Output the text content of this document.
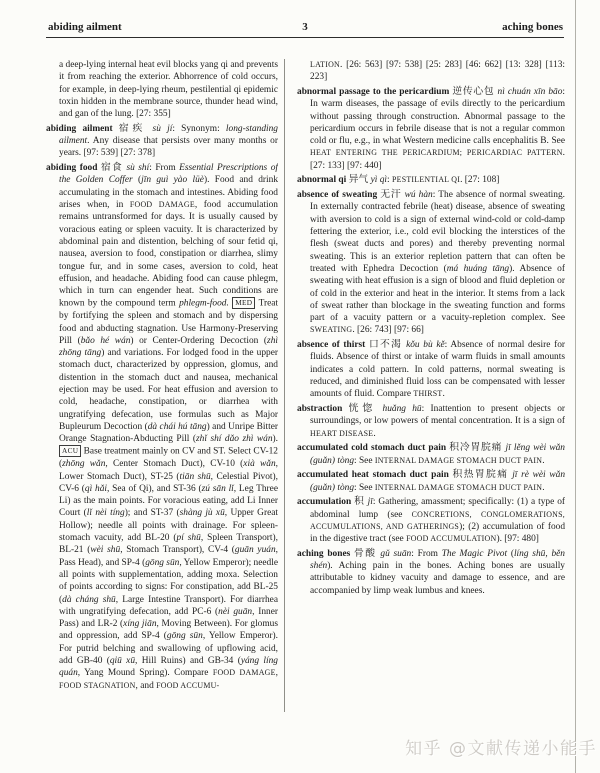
abiding ailment	3	aching bones

a deep-lying internal heat evil blocks yang qi and prevents it from reaching the exterior. Abhorrence of cold occurs, for example, in deep-lying rheum, pestilential qi epidemic toxin hidden in the membrane source, thunder head wind, and gan of the lung. [27: 355]

abiding ailment 宿疾 sù jí: Synonym: long-standing ailment. Any disease that persists over many months or years. [97: 539] [27: 378]

abiding food 宿食 sù shí: From Essential Prescriptions of the Golden Coffer (jīn guì yào lüè). Food and drink accumulating in the stomach and intestines. Abiding food arises when, in FOOD DAMAGE, food accumulation remains untransformed for days. It is usually caused by voracious eating or spleen vacuity. It is characterized by abdominal pain and distention, belching of sour fetid qi, nausea, aversion to food, constipation or diarrhea, slimy tongue fur, and in some cases, aversion to cold, heat effusion, and headache. Abiding food can cause phlegm, which in turn can engender heat. Such conditions are known by the compound term phlegm-food. MED Treat by fortifying the spleen and stomach and by dispersing food and abducting stagnation. Use Harmony-Preserving Pill (bǎo hé wán) or Center-Ordering Decoction (zhì zhōng tāng) and variations. For lodged food in the upper stomach duct, characterized by oppression, glomus, and distention in the stomach duct and nausea, mechanical ejection may be used. For heat effusion and aversion to cold, headache, constipation, or diarrhea with ungratifying defecation, use formulas such as Major Bupleurum Decoction (dà chái hú tāng) and Unripe Bitter Orange Stagnation-Abducting Pill (zhǐ shí dǎo zhì wán). ACU Base treatment mainly on CV and ST. Select CV-12 (zhōng wǎn, Center Stomach Duct), CV-10 (xià wǎn, Lower Stomach Duct), ST-25 (tiān shū, Celestial Pivot), CV-6 (qì hǎi, Sea of Qi), and ST-36 (zú sān lǐ, Leg Three Li) as the main points. For voracious eating, add Li Inner Court (lǐ nèi tíng); and ST-37 (shàng jù xū, Upper Great Hollow); needle all points with drainage. For spleen-stomach vacuity, add BL-20 (pí shū, Spleen Transport), BL-21 (wèi shū, Stomach Transport), CV-4 (guān yuán, Pass Head), and SP-4 (gōng sūn, Yellow Emperor); needle all points with supplementation, adding moxa. Selection of points according to signs: For constipation, add BL-25 (dà cháng shū, Large Intestine Transport). For diarrhea with ungratifying defecation, add PC-6 (nèi guān, Inner Pass) and LR-2 (xíng jiān, Moving Between). For glomus and oppression, add SP-4 (gōng sūn, Yellow Emperor). For putrid belching and swallowing of upflowing acid, add GB-40 (qiū xū, Hill Ruins) and GB-34 (yáng líng quán, Yang Mound Spring). Compare FOOD DAMAGE, FOOD STAGNATION, and FOOD ACCUMU-

LATION. [26: 563] [97: 538] [25: 283] [46: 662] [13: 328] [113: 223]

abnormal passage to the pericardium 逆传心包 nì chuán xīn bāo: In warm diseases, the passage of evils directly to the pericardium without passing through construction. Abnormal passage to the pericardium occurs in febrile disease that is not a regular common cold or flu, e.g., in what Western medicine calls encephalitis B. See HEAT ENTERING THE PERICARDIUM; PERICARDIAC PATTERN. [27: 133] [97: 440]

abnormal qi 异气 yì qì: PESTILENTIAL QI. [27: 108]

absence of sweating 无汗 wú hàn: The absence of normal sweating. In externally contracted febrile (heat) disease, absence of sweating with aversion to cold is a sign of external wind-cold or cold-damp fettering the exterior, i.e., cold evil blocking the interstices of the flesh (sweat ducts and pores) and thereby preventing normal sweating. This is an exterior repletion pattern that can often be treated with Ephedra Decoction (má huáng tāng). Absence of sweating with heat effusion is a sign of blood and fluid depletion or of cold in the exterior and heat in the interior. It stems from a lack of sweat rather than blockage in the sweating function and forms part of a vacuity pattern or a vacuity-repletion complex. See SWEATING. [26: 743] [97: 66]

absence of thirst 口不渴 kǒu bù kě: Absence of normal desire for fluids. Absence of thirst or intake of warm fluids in small amounts indicates a cold pattern. In cold patterns, normal sweating is reduced, and diminished fluid loss can be compensated with lesser amounts of fluid. Compare THIRST.

abstraction 恍惚 huǎng hū: Inattention to present objects or surroundings, or low powers of mental concentration. It is a sign of HEART DISEASE.

accumulated cold stomach duct pain 积冷胃脘痛 jī lěng wèi wǎn (guǎn) tòng: See INTERNAL DAMAGE STOMACH DUCT PAIN.

accumulated heat stomach duct pain 积热胃脘痛 jī rè wèi wǎn (guǎn) tòng: See INTERNAL DAMAGE STOMACH DUCT PAIN.

accumulation 积 jī: Gathering, amassment; specifically: (1) a type of abdominal lump (see CONCRETIONS, CONGLOMERATIONS, ACCUMULATIONS, AND GATHERINGS); (2) accumulation of food in the digestive tract (see FOOD ACCUMULATION). [97: 480]

aching bones 骨酸 gǔ suān: From The Magic Pivot (líng shū, běn shén). Aching pain in the bones. Aching bones are usually attributable to kidney vacuity and damage to essence, and are accompanied by limp weak lumbus and knees.

知乎 @文献传递小能手
